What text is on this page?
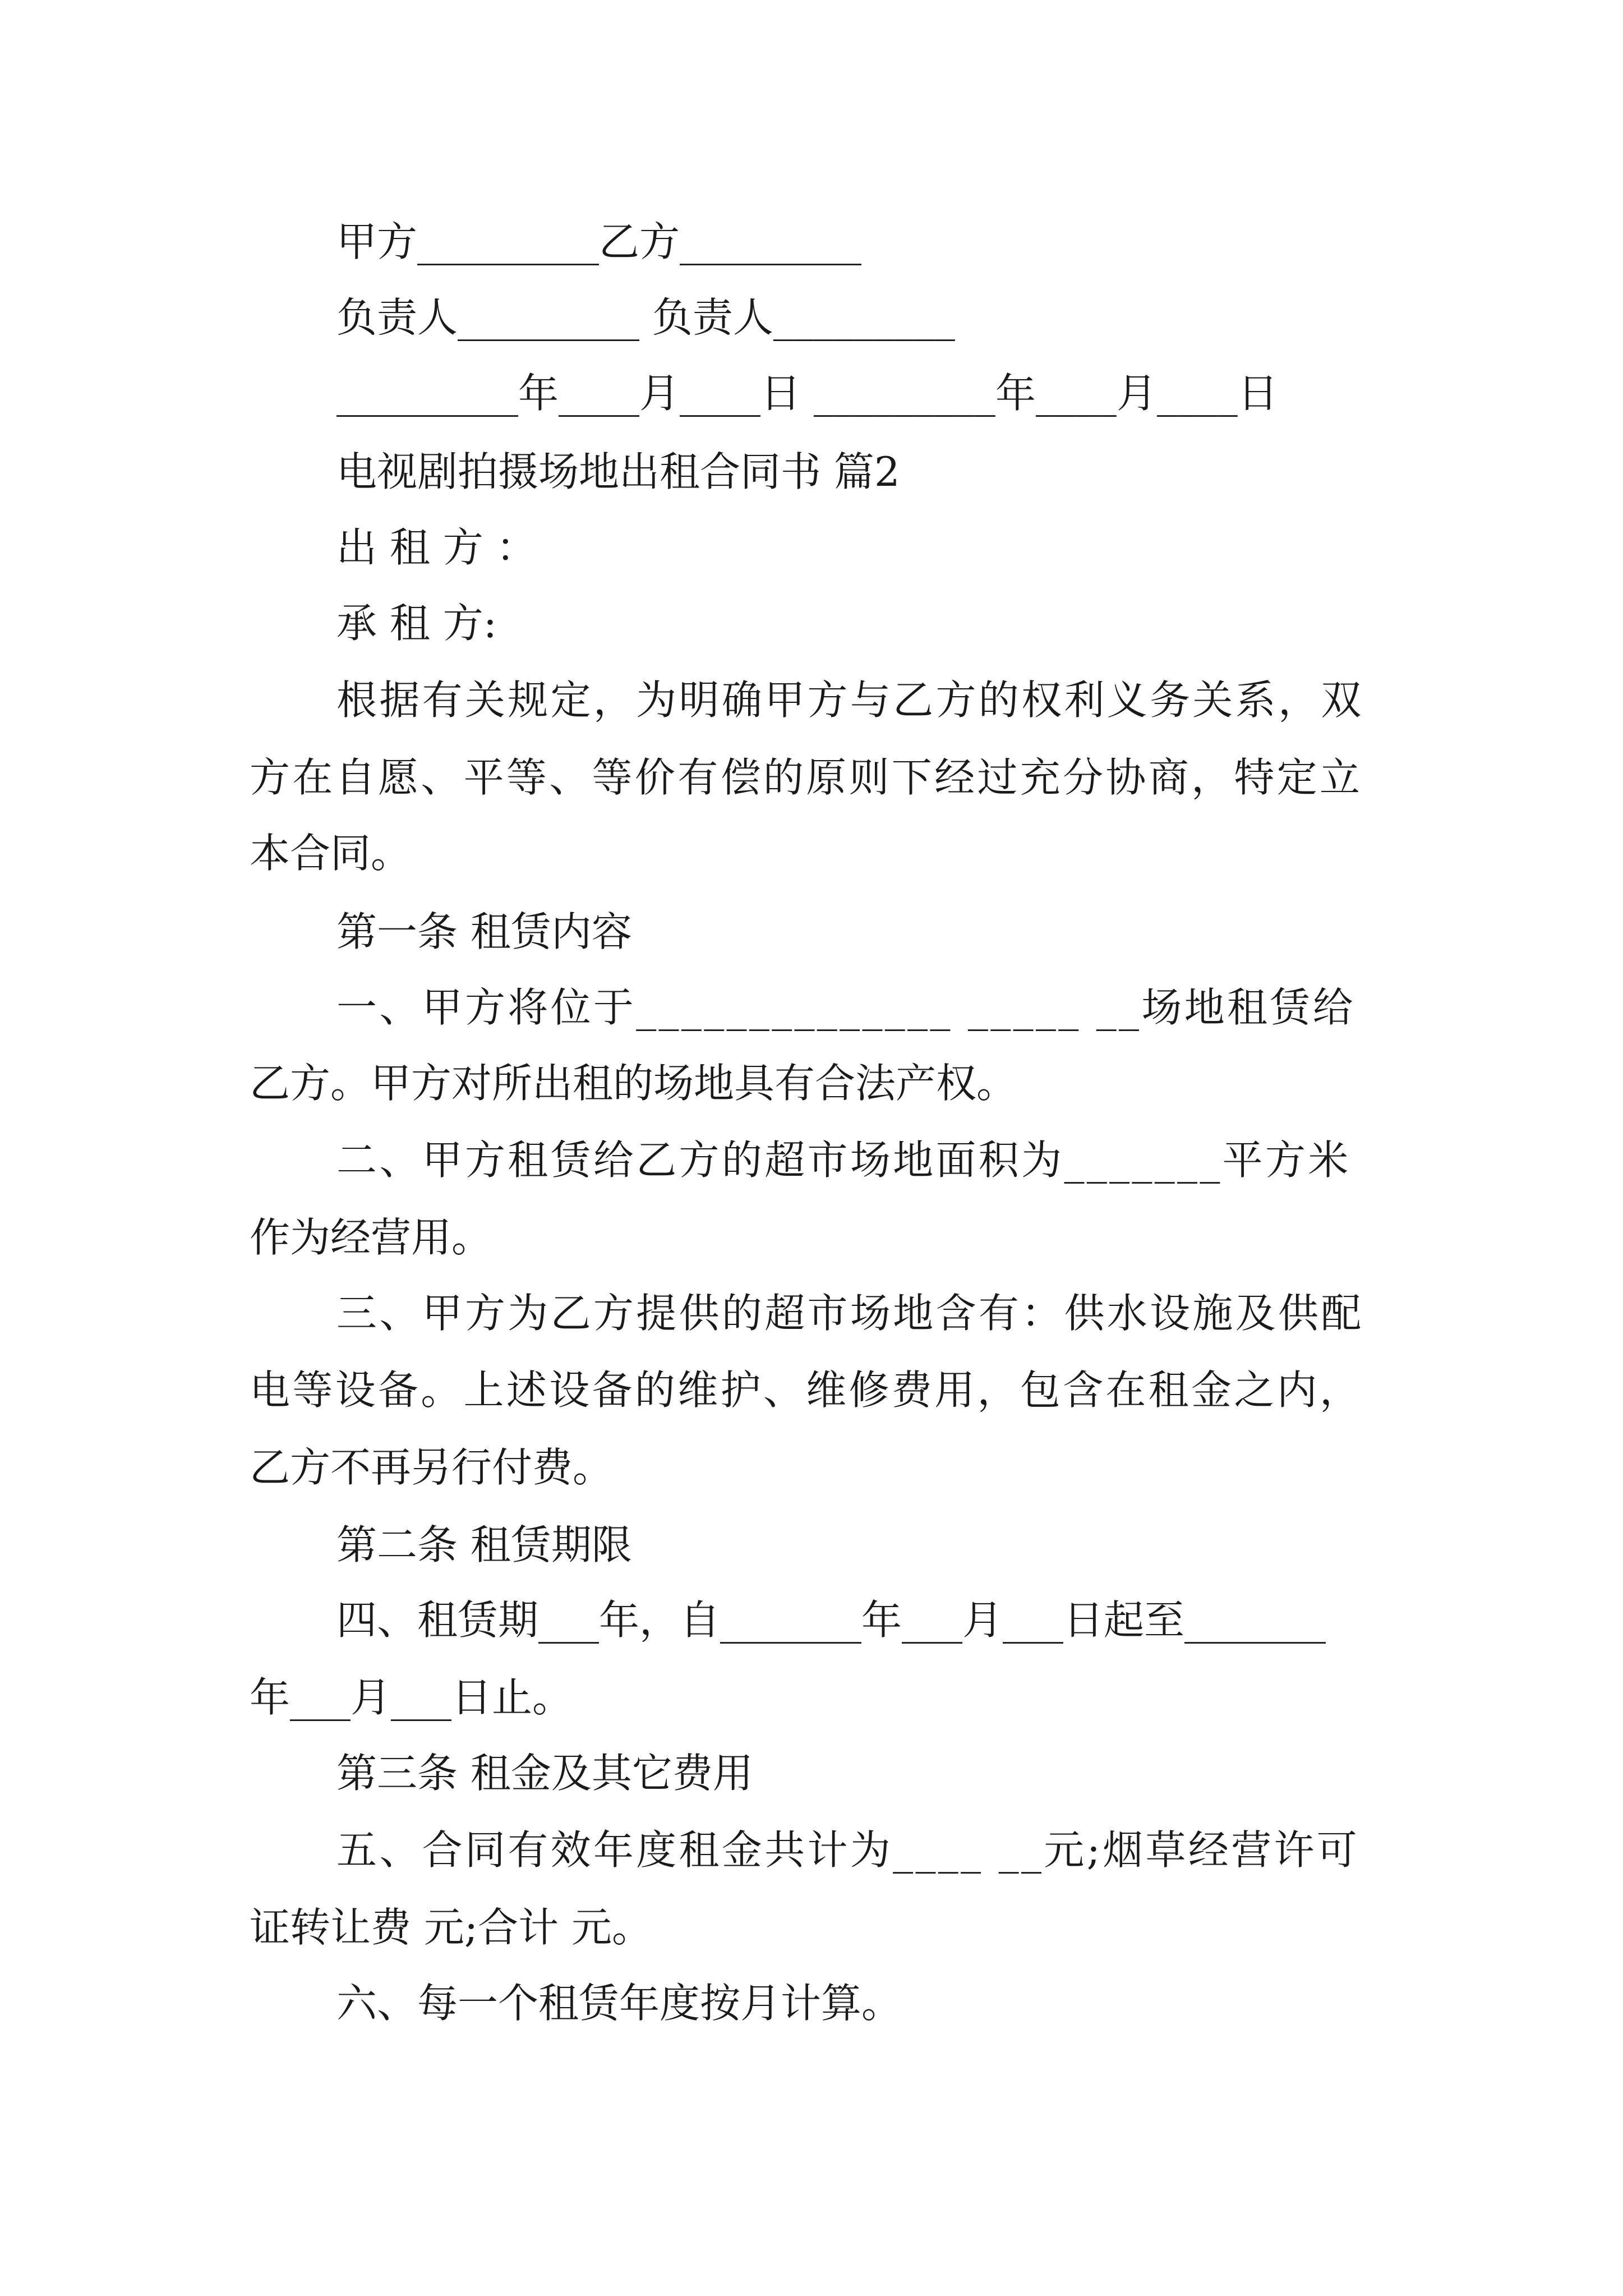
甲方_________乙方_________
负责人_________ 负责人_________
_________年____月____日 _________年____月____日
电视剧拍摄场地出租合同书 篇2
出 租 方 ：
承 租 方:
根据有关规定，为明确甲方与乙方的权利义务关系，双
方在自愿、平等、等价有偿的原则下经过充分协商，特定立
本合同。
第一条 租赁内容
一、甲方将位于______________ _____ __场地租赁给
乙方。甲方对所出租的场地具有合法产权。
二、甲方租赁给乙方的超市场地面积为_______平方米
作为经营用。
三、甲方为乙方提供的超市场地含有：供水设施及供配
电等设备。上述设备的维护、维修费用，包含在租金之内，
乙方不再另行付费。
第二条 租赁期限
四、租赁期___年，自_______年___月___日起至_______
年___月___日止。
第三条 租金及其它费用
五、合同有效年度租金共计为____ __元;烟草经营许可
证转让费 元;合计 元。
六、每一个租赁年度按月计算。
